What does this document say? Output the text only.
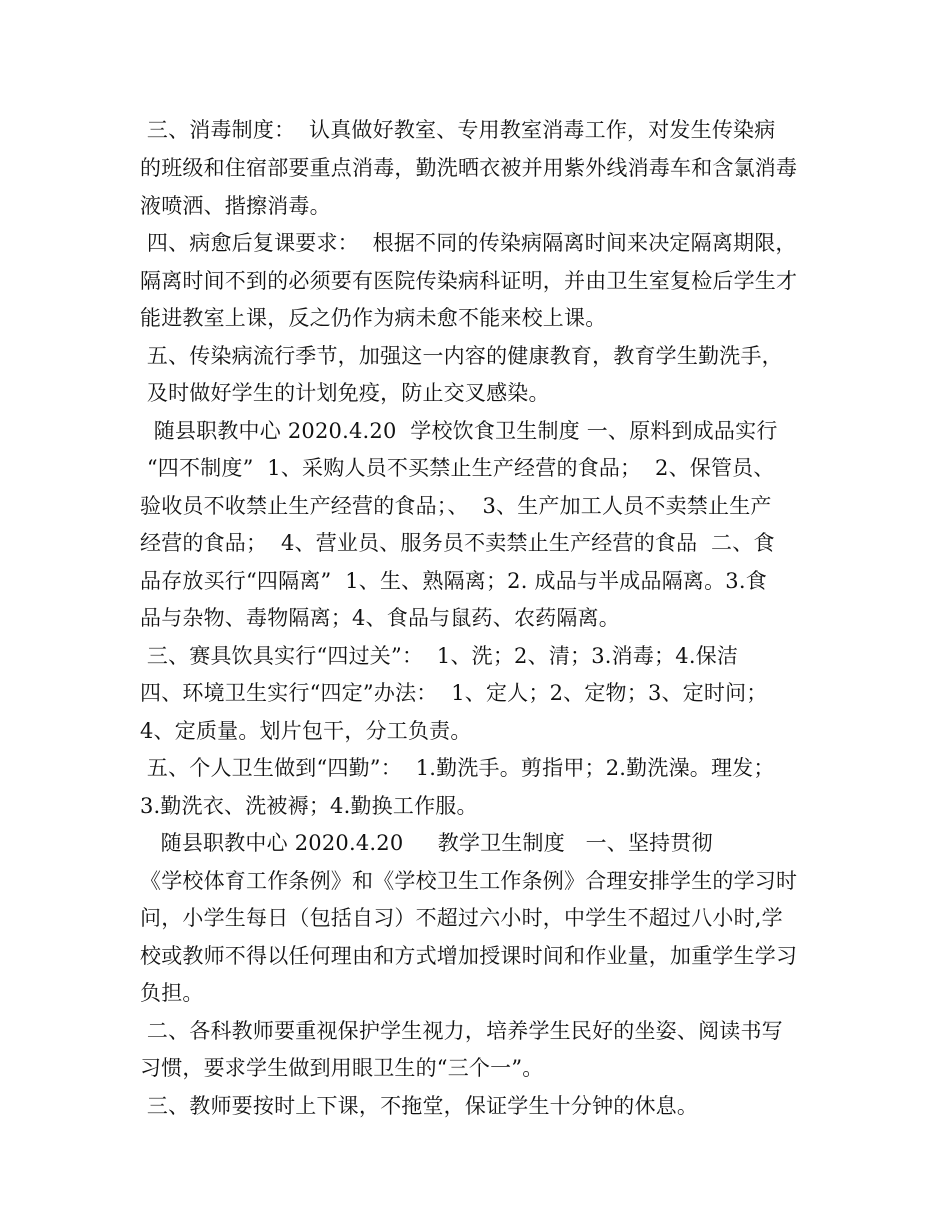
三、消毒制度：  认真做好教室、专用教室消毒工作，对发生传染病
的班级和住宿部要重点消毒，勤洗晒衣被并用紫外线消毒车和含氯消毒
液喷洒、揩擦消毒。
四、病愈后复课要求：  根据不同的传染病隔离时间来决定隔离期限，
隔离时间不到的必须要有医院传染病科证明，并由卫生室复检后学生才
能进教室上课，反之仍作为病未愈不能来校上课。
五、传染病流行季节，加强这一内容的健康教育，教育学生勤洗手，
及时做好学生的计划免疫，防止交叉感染。
随县职教中心 2020.4.20  学校饮食卫生制度 一、原料到成品实行
“四不制度”  1、采购人员不买禁止生产经营的食品；  2、保管员、
验收员不收禁止生产经营的食品；、  3、生产加工人员不卖禁止生产
经营的食品；  4、营业员、服务员不卖禁止生产经营的食品  二、食
品存放买行“四隔离”  1、生、熟隔离；2. 成品与半成品隔离。3.食
品与杂物、毒物隔离；4、食品与鼠药、农药隔离。
三、赛具饮具实行“四过关”：  1、洗；2、清；3.消毒；4.保洁
四、环境卫生实行“四定”办法：  1、定人；2、定物；3、定时问；
4、定质量。划片包干，分工负责。
五、个人卫生做到“四勤”：  1.勤洗手。剪指甲；2.勤洗澡。理发；
3.勤洗衣、洗被褥；4.勤换工作服。
随县职教中心 2020.4.20     教学卫生制度   一、坚持贯彻
《学校体育工作条例》和《学校卫生工作条例》合理安排学生的学习时
问，小学生每日（包括自习）不超过六小时，中学生不超过八小时,学
校或教师不得以任何理由和方式增加授课时间和作业量，加重学生学习
负担。
二、各科教师要重视保护学生视力，培养学生民好的坐姿、阅读书写
习惯，要求学生做到用眼卫生的“三个一”。
三、教师要按时上下课，不拖堂，保证学生十分钟的休息。
